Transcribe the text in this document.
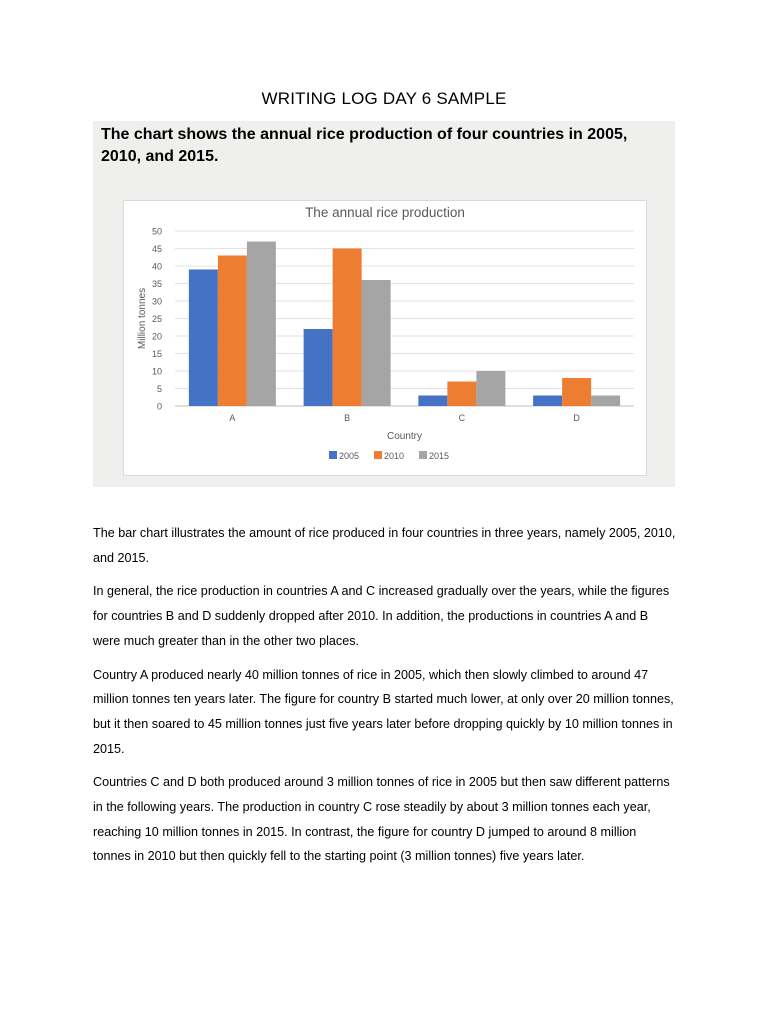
WRITING LOG DAY 6 SAMPLE
The chart shows the annual rice production of four countries in 2005, 2010, and 2015.
The annual rice production
Million tonnes
Country
0
5
10
15
20
25
30
35
40
45
50
A	B	C	D
2005	2010	2015

The bar chart illustrates the amount of rice produced in four countries in three years, namely 2005, 2010, and 2015.

In general, the rice production in countries A and C increased gradually over the years, while the figures for countries B and D suddenly dropped after 2010. In addition, the productions in countries A and B were much greater than in the other two places.

Country A produced nearly 40 million tonnes of rice in 2005, which then slowly climbed to around 47 million tonnes ten years later. The figure for country B started much lower, at only over 20 million tonnes, but it then soared to 45 million tonnes just five years later before dropping quickly by 10 million tonnes in 2015.

Countries C and D both produced around 3 million tonnes of rice in 2005 but then saw different patterns in the following years. The production in country C rose steadily by about 3 million tonnes each year, reaching 10 million tonnes in 2015. In contrast, the figure for country D jumped to around 8 million tonnes in 2010 but then quickly fell to the starting point (3 million tonnes) five years later.
